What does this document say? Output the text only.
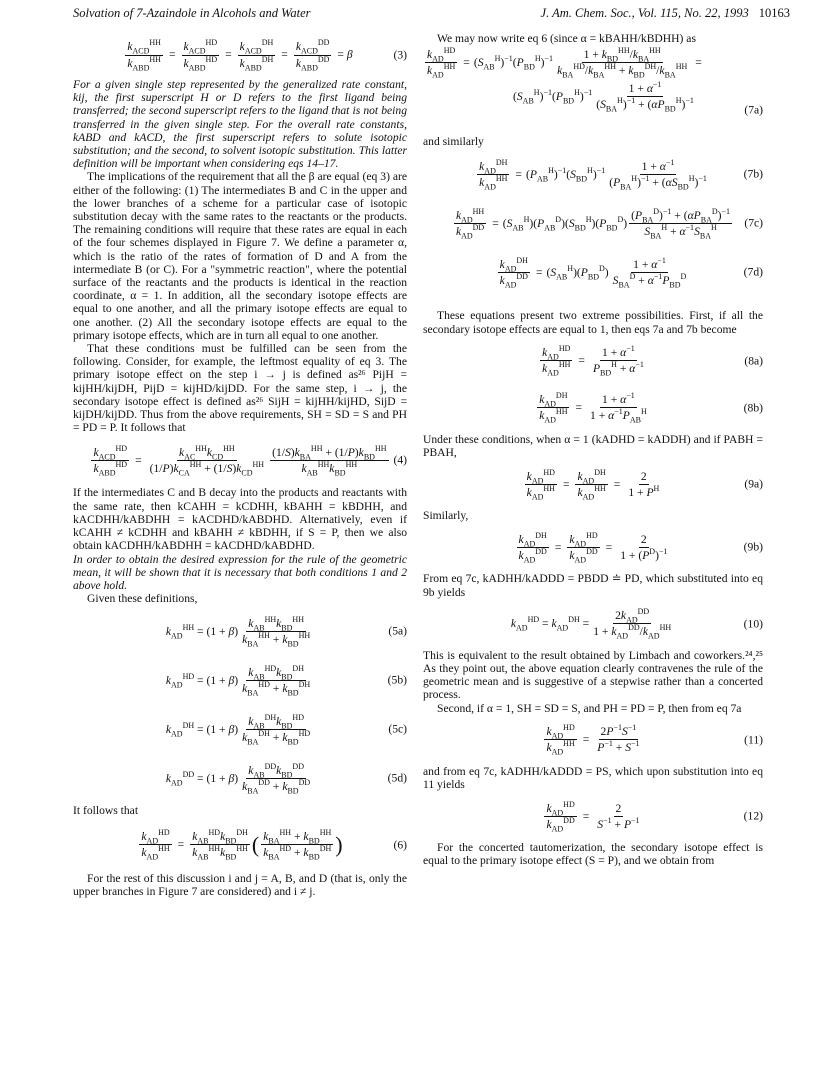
Solvation of 7-Azaindole in Alcohols and Water	J. Am. Chem. Soc., Vol. 115, No. 22, 1993 10163
$\frac{k_{ACD}^{HH}}{k_{ABD}^{HH}} = \frac{k_{ACD}^{HD}}{k_{ABD}^{HD}} = \frac{k_{ACD}^{DH}}{k_{ABD}^{DH}} = \frac{k_{ACD}^{DD}}{k_{ABD}^{DD}} = \beta$	(3)

For a given single step represented by the generalized rate constant, kij, the first superscript H or D refers to the first ligand being transferred; the second superscript refers to the ligand that is not being transferred in the given single step. For the overall rate constants, kABD and kACD, the first superscript refers to solute isotopic substitution; and the second, to solvent isotopic substitution. This latter definition will be important when considering eqs 14–17.

The implications of the requirement that all the β are equal (eq 3) are either of the following: (1) The intermediates B and C in the upper and the lower branches of a scheme for a particular case of isotopic substitution decay with the same rates to the reactants or the products. The remaining conditions will require that these rates are equal in each of the four schemes displayed in Figure 7. We define a parameter α, which is the ratio of the rates of formation of D and A from the intermediate B (or C). For a "symmetric reaction", where the potential surface of the reactants and the products is identical in the reaction coordinate, α = 1. In addition, all the secondary isotope effects are equal to one another, and all the primary isotope effects are equal to one another. (2) All the secondary isotope effects are equal to the primary isotope effects, which are in turn all equal to one another.

That these conditions must be fulfilled can be seen from the following. Consider, for example, the leftmost equality of eq 3. The primary isotope effect on the step i → j is defined as²⁶ PijH = kijHH/kijDH, PijD = kijHD/kijDD. For the same step, i → j, the secondary isotope effect is defined as²⁶ SijH = kijHH/kijHD, SijD = kijDH/kijDD. Thus from the above requirements, SH = SD = S and PH = PD = P. It follows that

$\frac{k_{ACD}^{HD}}{k_{ABD}^{HD}} = \frac{k_{AC}^{HH}k_{CD}^{HH}}{(1/P)k_{CA}^{HH} + (1/S)k_{CD}^{HH}} \frac{(1/S)k_{BA}^{HH} + (1/P)k_{BD}^{HH}}{k_{AB}^{HH}k_{BD}^{HH}} (4)$

If the intermediates C and B decay into the products and reactants with the same rate, then kCAHH = kCDHH, kBAHH = kBDHH, and kACDHH/kABDHH = kACDHD/kABDHD. Alternatively, even if kCAHH ≠ kCDHH and kBAHH ≠ kBDHH, if S = P, then we also obtain kACDHH/kABDHH = kACDHD/kABDHD.

In order to obtain the desired expression for the rule of the geometric mean, it will be shown that it is necessary that both conditions 1 and 2 above hold.

Given these definitions,

$k_{AD}^{HH} = (1 + \beta) \frac{k_{AB}^{HH}k_{BD}^{HH}}{k_{BA}^{HH} + k_{BD}^{HH}}$	(5a)
$k_{AD}^{HD} = (1 + \beta) \frac{k_{AB}^{HD}k_{BD}^{DH}}{k_{BA}^{HD} + k_{BD}^{DH}}$	(5b)
$k_{AD}^{DH} = (1 + \beta) \frac{k_{AB}^{DH}k_{BD}^{HD}}{k_{BA}^{DH} + k_{BD}^{HD}}$	(5c)
$k_{AD}^{DD} = (1 + \beta) \frac{k_{AB}^{DD}k_{BD}^{DD}}{k_{BA}^{DD} + k_{BD}^{DD}}$	(5d)

It follows that

$\frac{k_{AD}^{HD}}{k_{AD}^{HH}} = \frac{k_{AB}^{HD}k_{BD}^{DH}}{k_{AB}^{HH}k_{BD}^{HH}}$ ( $\frac{k_{BA}^{HH} + k_{BD}^{HH}}{k_{BA}^{HD} + k_{BD}^{DH}}$ )	(6)

For the rest of this discussion i and j = A, B, and D (that is, only the upper branches in Figure 7 are considered) and i ≠ j.

We may now write eq 6 (since α = kBAHH/kBDHH) as

$\frac{k_{AD}^{HD}}{k_{AD}^{HH}} = (S_{AB}^H)^{-1}(P_{BD}^H)^{-1} \frac{1 + k_{BD}^{HH}/k_{BA}^{HH}}{k_{BA}^{HD}/k_{BA}^{HH} + k_{BD}^{DH}/k_{BA}^{HH}}$ =
$(S_{AB}^H)^{-1}(P_{BD}^H)^{-1} \frac{1 + \alpha^{-1}}{(S_{BA}^H)^{-1} + (\alpha P_{BD}^H)^{-1}}$	(7a)

and similarly

$\frac{k_{AD}^{DH}}{k_{AD}^{HH}} = (P_{AB}^H)^{-1}(S_{BD}^H)^{-1} \frac{1 + \alpha^{-1}}{(P_{BA}^H)^{-1} + (\alpha S_{BD}^H)^{-1}}$	(7b)
$\frac{k_{AD}^{HH}}{k_{AD}^{DD}} = (S_{AB}^H)(P_{AB}^D)(S_{BD}^H)(P_{BD}^D) \frac{(P_{BA}^D)^{-1} + (\alpha P_{BA}^D)^{-1}}{S_{BA}^H + \alpha^{-1}S_{BA}^H} (7c)$
$\frac{k_{AD}^{DH}}{k_{AD}^{DD}} = (S_{AB}^H)(P_{BD}^D) \frac{1 + \alpha^{-1}}{S_{BA}^D + \alpha^{-1}P_{BD}^D}$	(7d)

These equations present two extreme possibilities. First, if all the secondary isotope effects are equal to 1, then eqs 7a and 7b become

$\frac{k_{AD}^{HD}}{k_{AD}^{HH}} = \frac{1 + \alpha^{-1}}{P_{BD}^H + \alpha^{-1}}$	(8a)
$\frac{k_{AD}^{DH}}{k_{AD}^{HH}} = \frac{1 + \alpha^{-1}}{1 + \alpha^{-1}P_{AB}^H}$	(8b)

Under these conditions, when α = 1 (kADHD = kADDH) and if PABH = PBAH,

$\frac{k_{AD}^{HD}}{k_{AD}^{HH}} = \frac{k_{AD}^{DH}}{k_{AD}^{HH}} = \frac{2}{1 + P^H}$	(9a)

Similarly,

$\frac{k_{AD}^{DH}}{k_{AD}^{DD}} = \frac{k_{AD}^{HD}}{k_{AD}^{DD}} = \frac{2}{1 + (P^D)^{-1}}$	(9b)

From eq 7c, kADHH/kADDD = PBDD ≐ PD, which substituted into eq 9b yields

$k_{AD}^{HD} = k_{AD}^{DH} = \frac{2k_{AD}^{DD}}{1 + k_{AD}^{DD}/k_{AD}^{HH}}$	(10)

This is equivalent to the result obtained by Limbach and coworkers.²⁴,²⁵ As they point out, the above equation clearly contravenes the rule of the geometric mean and is suggestive of a stepwise rather than a concerted process.

Second, if α = 1, SH = SD = S, and PH = PD = P, then from eq 7a

$\frac{k_{AD}^{HD}}{k_{AD}^{HH}} = \frac{2P^{-1}S^{-1}}{P^{-1} + S^{-1}}$	(11)

and from eq 7c, kADHH/kADDD = PS, which upon substitution into eq 11 yields

$\frac{k_{AD}^{HD}}{k_{AD}^{DD}} = \frac{2}{S^{-1} + P^{-1}}$	(12)

For the concerted tautomerization, the secondary isotope effect is equal to the primary isotope effect (S = P), and we obtain from
